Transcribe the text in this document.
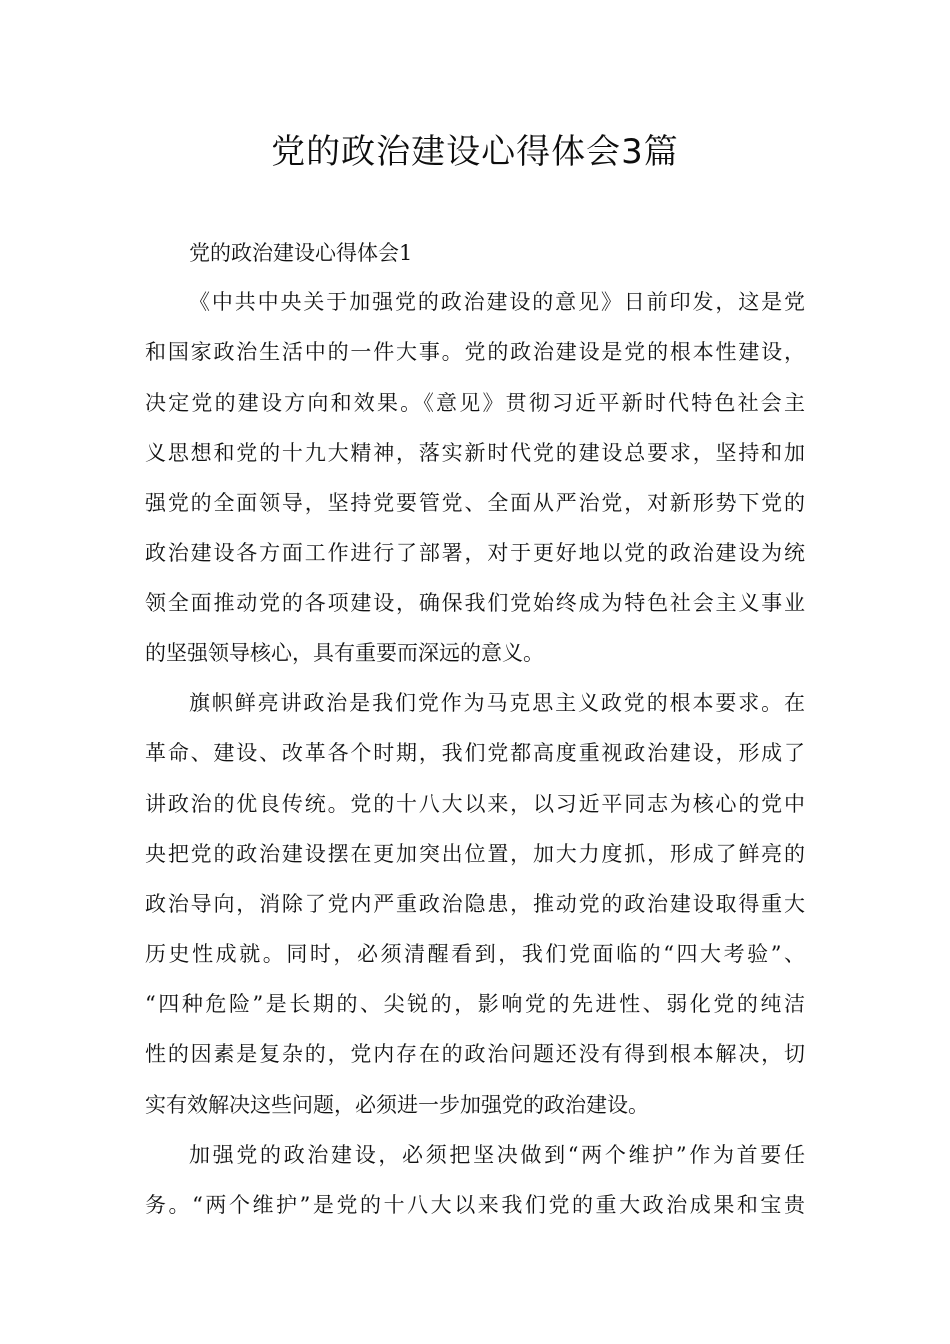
党的政治建设心得体会3篇

党的政治建设心得体会1

《中共中央关于加强党的政治建设的意见》日前印发，这是党

和国家政治生活中的一件大事。党的政治建设是党的根本性建设，

决定党的建设方向和效果。《意见》贯彻习近平新时代特色社会主

义思想和党的十九大精神，落实新时代党的建设总要求，坚持和加

强党的全面领导，坚持党要管党、全面从严治党，对新形势下党的

政治建设各方面工作进行了部署，对于更好地以党的政治建设为统

领全面推动党的各项建设，确保我们党始终成为特色社会主义事业

的坚强领导核心，具有重要而深远的意义。

旗帜鲜亮讲政治是我们党作为马克思主义政党的根本要求。在

革命、建设、改革各个时期，我们党都高度重视政治建设，形成了

讲政治的优良传统。党的十八大以来，以习近平同志为核心的党中

央把党的政治建设摆在更加突出位置，加大力度抓，形成了鲜亮的

政治导向，消除了党内严重政治隐患，推动党的政治建设取得重大

历史性成就。同时，必须清醒看到，我们党面临的“四大考验”、

“四种危险”是长期的、尖锐的，影响党的先进性、弱化党的纯洁

性的因素是复杂的，党内存在的政治问题还没有得到根本解决，切

实有效解决这些问题，必须进一步加强党的政治建设。

加强党的政治建设，必须把坚决做到“两个维护”作为首要任

务。“两个维护”是党的十八大以来我们党的重大政治成果和宝贵
